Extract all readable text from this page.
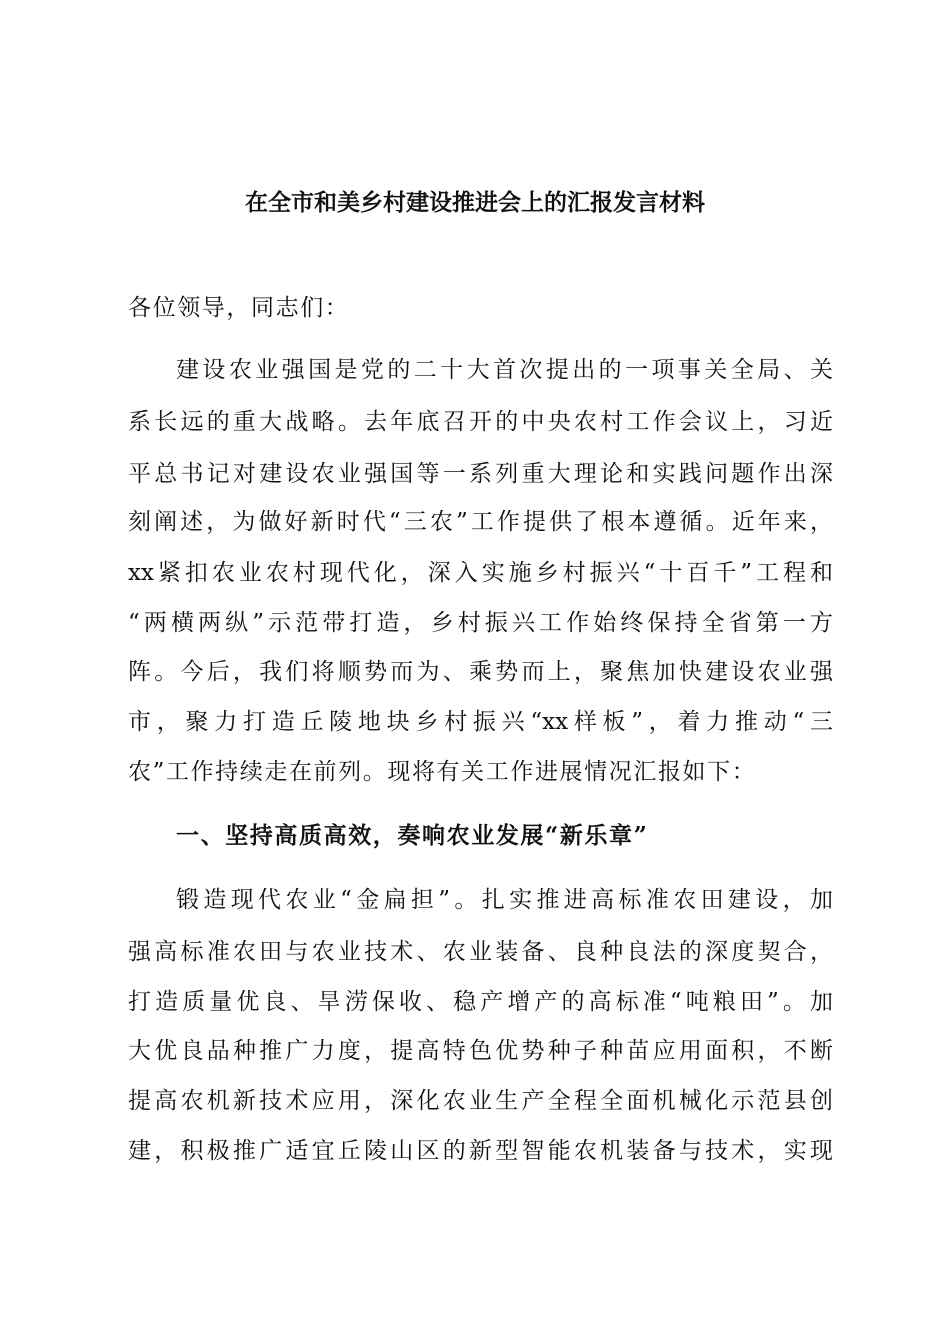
在全市和美乡村建设推进会上的汇报发言材料

各位领导，同志们：

建设农业强国是党的二十大首次提出的一项事关全局、关

系长远的重大战略。去年底召开的中央农村工作会议上，习近

平总书记对建设农业强国等一系列重大理论和实践问题作出深

刻阐述，为做好新时代“三农”工作提供了根本遵循。近年来，

xx紧扣农业农村现代化，深入实施乡村振兴“十百千”工程和

“两横两纵”示范带打造，乡村振兴工作始终保持全省第一方

阵。今后，我们将顺势而为、乘势而上，聚焦加快建设农业强

市，聚力打造丘陵地块乡村振兴“xx样板”，着力推动“三

农”工作持续走在前列。现将有关工作进展情况汇报如下：

一、坚持高质高效，奏响农业发展“新乐章”

锻造现代农业“金扁担”。扎实推进高标准农田建设，加

强高标准农田与农业技术、农业装备、良种良法的深度契合，

打造质量优良、旱涝保收、稳产增产的高标准“吨粮田”。加

大优良品种推广力度，提高特色优势种子种苗应用面积，不断

提高农机新技术应用，深化农业生产全程全面机械化示范县创

建，积极推广适宜丘陵山区的新型智能农机装备与技术，实现
